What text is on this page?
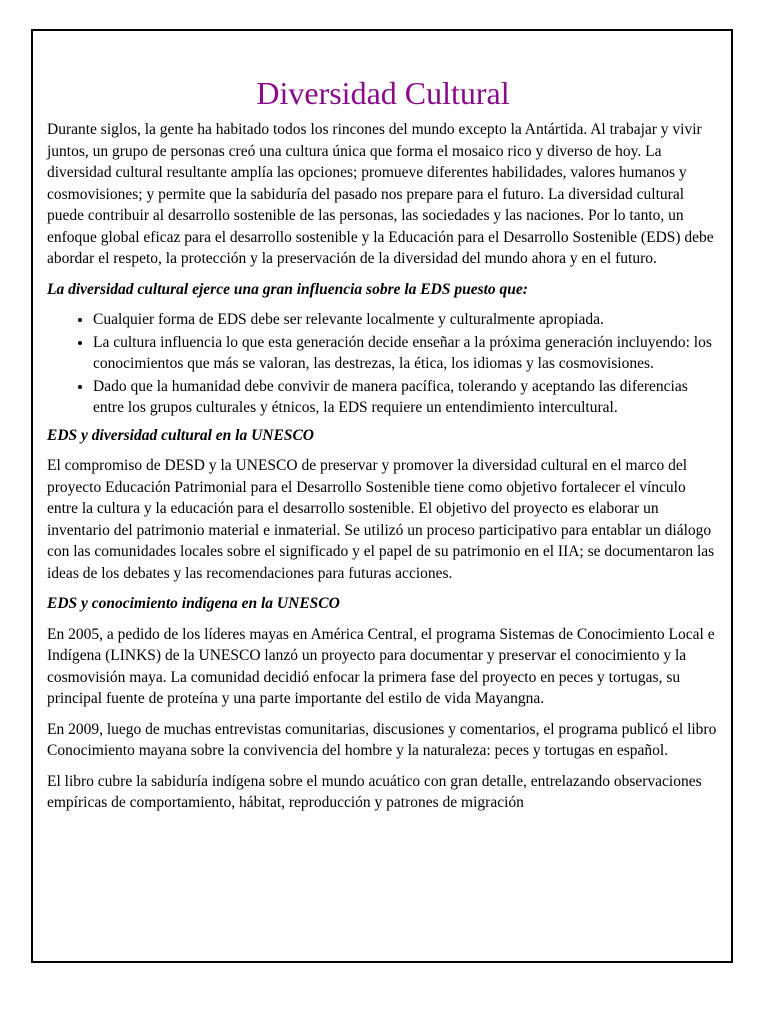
Diversidad Cultural

Durante siglos, la gente ha habitado todos los rincones del mundo excepto la Antártida. Al trabajar y vivir juntos, un grupo de personas creó una cultura única que forma el mosaico rico y diverso de hoy. La diversidad cultural resultante amplía las opciones; promueve diferentes habilidades, valores humanos y cosmovisiones; y permite que la sabiduría del pasado nos prepare para el futuro. La diversidad cultural puede contribuir al desarrollo sostenible de las personas, las sociedades y las naciones. Por lo tanto, un enfoque global eficaz para el desarrollo sostenible y la Educación para el Desarrollo Sostenible (EDS) debe abordar el respeto, la protección y la preservación de la diversidad del mundo ahora y en el futuro.

La diversidad cultural ejerce una gran influencia sobre la EDS puesto que:

• Cualquier forma de EDS debe ser relevante localmente y culturalmente apropiada.
• La cultura influencia lo que esta generación decide enseñar a la próxima generación incluyendo: los conocimientos que más se valoran, las destrezas, la ética, los idiomas y las cosmovisiones.
• Dado que la humanidad debe convivir de manera pacífica, tolerando y aceptando las diferencias entre los grupos culturales y étnicos, la EDS requiere un entendimiento intercultural.

EDS y diversidad cultural en la UNESCO

El compromiso de DESD y la UNESCO de preservar y promover la diversidad cultural en el marco del proyecto Educación Patrimonial para el Desarrollo Sostenible tiene como objetivo fortalecer el vínculo entre la cultura y la educación para el desarrollo sostenible. El objetivo del proyecto es elaborar un inventario del patrimonio material e inmaterial. Se utilizó un proceso participativo para entablar un diálogo con las comunidades locales sobre el significado y el papel de su patrimonio en el IIA; se documentaron las ideas de los debates y las recomendaciones para futuras acciones.

EDS y conocimiento indígena en la UNESCO

En 2005, a pedido de los líderes mayas en América Central, el programa Sistemas de Conocimiento Local e Indígena (LINKS) de la UNESCO lanzó un proyecto para documentar y preservar el conocimiento y la cosmovisión maya. La comunidad decidió enfocar la primera fase del proyecto en peces y tortugas, su principal fuente de proteína y una parte importante del estilo de vida Mayangna.

En 2009, luego de muchas entrevistas comunitarias, discusiones y comentarios, el programa publicó el libro Conocimiento mayana sobre la convivencia del hombre y la naturaleza: peces y tortugas en español.

El libro cubre la sabiduría indígena sobre el mundo acuático con gran detalle, entrelazando observaciones empíricas de comportamiento, hábitat, reproducción y patrones de migración
